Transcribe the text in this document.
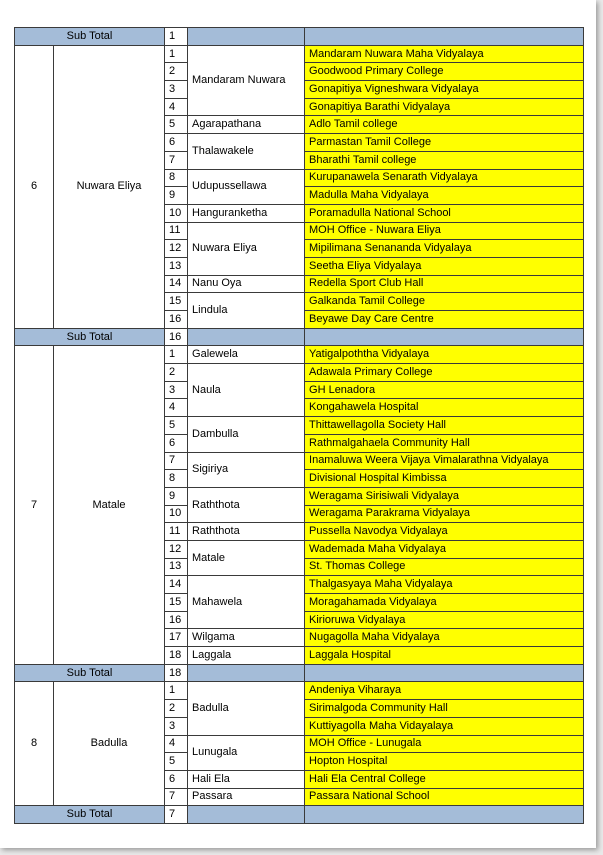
Sub Total		1		
6	Nuwara Eliya	1	Mandaram Nuwara	Mandaram Nuwara Maha Vidyalaya
		2		Goodwood Primary College
		3		Gonapitiya Vigneshwara Vidyalaya
		4		Gonapitiya Barathi Vidyalaya
		5	Agarapathana	Adlo Tamil college
		6	Thalawakele	Parmastan Tamil College
		7		Bharathi Tamil college
		8	Udupussellawa	Kurupanawela Senarath Vidyalaya
		9		Madulla Maha Vidyalaya
		10	Hanguranketha	Poramadulla National School
		11	Nuwara Eliya	MOH Office - Nuwara Eliya
		12		Mipilimana Senananda Vidyalaya
		13		Seetha Eliya Vidyalaya
		14	Nanu Oya	Redella Sport Club Hall
		15	Lindula	Galkanda Tamil College
		16		Beyawe Day Care Centre
Sub Total		16		
7	Matale	1	Galewela	Yatigalpoththa Vidyalaya
		2	Naula	Adawala Primary College
		3		GH Lenadora
		4		Kongahawela Hospital
		5	Dambulla	Thittawellagolla Society Hall
		6		Rathmalgahaela Community Hall
		7	Sigiriya	Inamaluwa Weera Vijaya Vimalarathna Vidyalaya
		8		Divisional Hospital Kimbissa
		9	Raththota	Weragama Sirisiwali Vidyalaya
		10		Weragama Parakrama Vidyalaya
		11	Raththota	Pussella Navodya Vidyalaya
		12	Matale	Wademada Maha Vidyalaya
		13		St. Thomas College
		14	Mahawela	Thalgasyaya Maha Vidyalaya
		15		Moragahamada Vidyalaya
		16		Kirioruwa Vidyalaya
		17	Wilgama	Nugagolla Maha Vidyalaya
		18	Laggala	Laggala Hospital
Sub Total		18		
8	Badulla	1	Badulla	Andeniya Viharaya
		2		Sirimalgoda Community Hall
		3		Kuttiyagolla Maha Vidayalaya
		4	Lunugala	MOH Office - Lunugala
		5		Hopton Hospital
		6	Hali Ela	Hali Ela Central College
		7	Passara	Passara National School
Sub Total		7		
